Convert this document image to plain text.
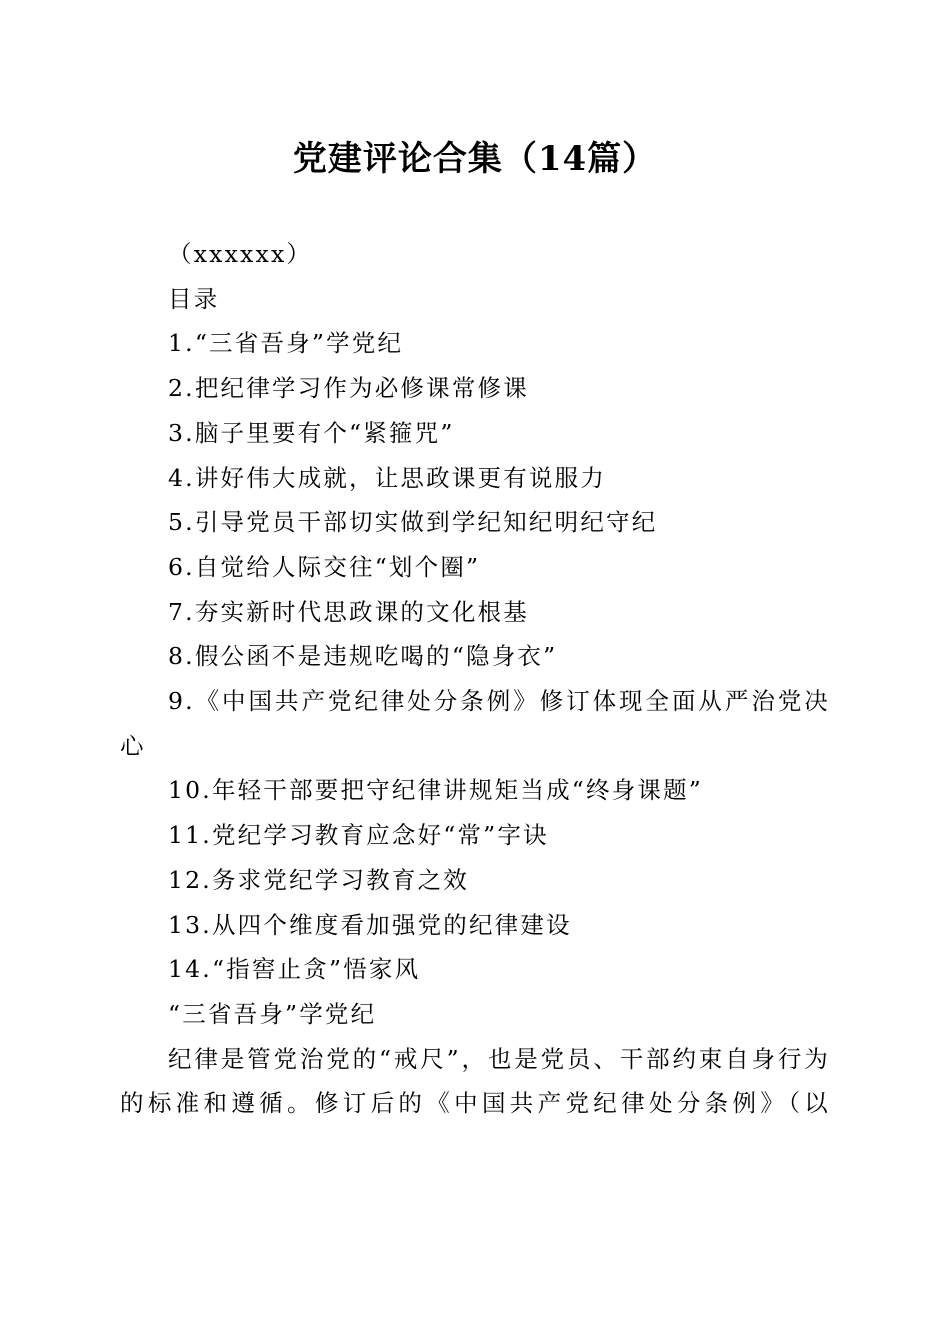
党建评论合集（14篇）

（xxxxxx）

目录

1.“三省吾身”学党纪

2.把纪律学习作为必修课常修课

3.脑子里要有个“紧箍咒”

4.讲好伟大成就，让思政课更有说服力

5.引导党员干部切实做到学纪知纪明纪守纪

6.自觉给人际交往“划个圈”

7.夯实新时代思政课的文化根基

8.假公函不是违规吃喝的“隐身衣”

9.《中国共产党纪律处分条例》修订体现全面从严治党决心

10.年轻干部要把守纪律讲规矩当成“终身课题”

11.党纪学习教育应念好“常”字诀

12.务求党纪学习教育之效

13.从四个维度看加强党的纪律建设

14.“指窖止贪”悟家风

“三省吾身”学党纪

纪律是管党治党的“戒尺”，也是党员、干部约束自身行为的标准和遵循。修订后的《中国共产党纪律处分条例》（以
